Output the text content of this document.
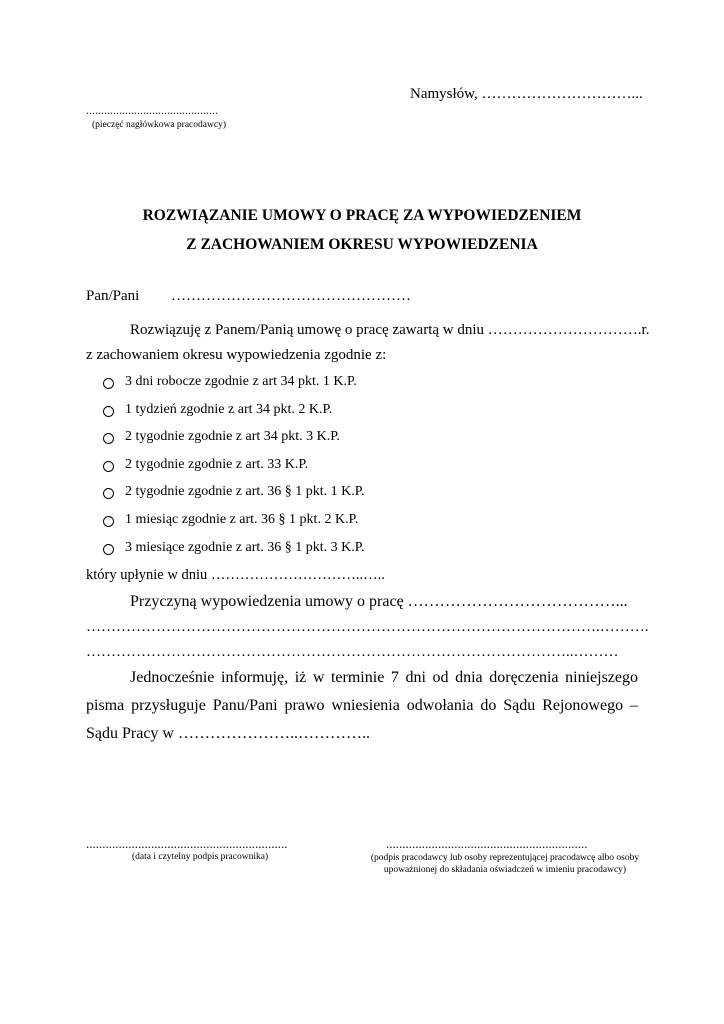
Namysłów, …………………………...
............................................
(pieczęć nagłówkowa pracodawcy)
ROZWIĄZANIE UMOWY O PRACĘ ZA WYPOWIEDZENIEM
Z ZACHOWANIEM OKRESU WYPOWIEDZENIA
Pan/Pani …………………………………………
Rozwiązuję z Panem/Panią umowę o pracę zawartą w dniu ………………………….r.
z zachowaniem okresu wypowiedzenia zgodnie z:
3 dni robocze zgodnie z art 34 pkt. 1 K.P.
1 tydzień zgodnie z art 34 pkt. 2 K.P.
2 tygodnie zgodnie z art 34 pkt. 3 K.P.
2 tygodnie zgodnie z art. 33 K.P.
2 tygodnie zgodnie z art. 36 § 1 pkt. 1 K.P.
1 miesiąc zgodnie z art. 36 § 1 pkt. 2 K.P.
3 miesiące zgodnie z art. 36 § 1 pkt. 3 K.P.
który upłynie w dniu …………………………..…..
Przyczyną wypowiedzenia umowy o pracę …………………………………...
………………………………………………………………………………………….……….
……………………………………………………………………………………..………
Jednocześnie informuję, iż w terminie 7 dni od dnia doręczenia niniejszego pisma przysługuje Panu/Pani prawo wniesienia odwołania do Sądu Rejonowego – Sądu Pracy w …………………..…………..
..............................................................
(data i czytelny podpis pracownika)
..............................................................
(podpis pracodawcy lub osoby reprezentującej pracodawcę albo osoby upoważnionej do składania oświadczeń w imieniu pracodawcy)
